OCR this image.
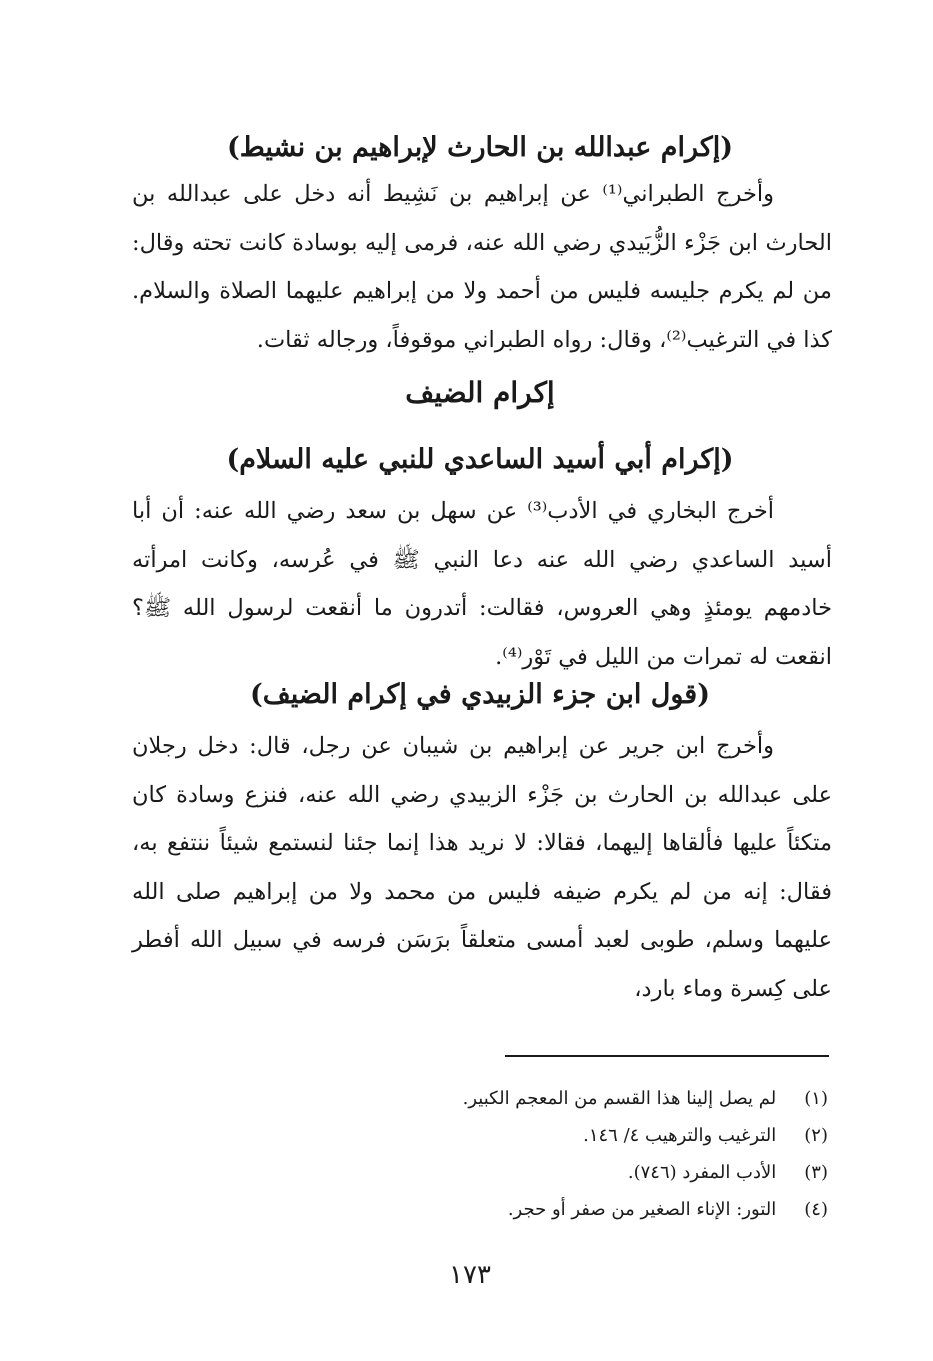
(إكرام عبدالله بن الحارث لإبراهيم بن نشيط)

وأخرج الطبراني⁽¹⁾ عن إبراهيم بن نَشِيط أنه دخل على عبدالله بن الحارث ابن جَزْء الزُّبَيدي رضي الله عنه، فرمى إليه بوسادة كانت تحته وقال: من لم يكرم جليسه فليس من أحمد ولا من إبراهيم عليهما الصلاة والسلام. كذا في الترغيب⁽²⁾، وقال: رواه الطبراني موقوفاً، ورجاله ثقات.

إكرام الضيف
(إكرام أبي أسيد الساعدي للنبي عليه السلام)

أخرج البخاري في الأدب⁽³⁾ عن سهل بن سعد رضي الله عنه: أن أبا أسيد الساعدي رضي الله عنه دعا النبي ﷺ في عُرسه، وكانت امرأته خادمهم يومئذٍ وهي العروس، فقالت: أتدرون ما أنقعت لرسول الله ﷺ؟ انقعت له تمرات من الليل في تَوْر⁽⁴⁾.

(قول ابن جزء الزبيدي في إكرام الضيف)

وأخرج ابن جرير عن إبراهيم بن شيبان عن رجل، قال: دخل رجلان على عبدالله بن الحارث بن جَزْء الزبيدي رضي الله عنه، فنزع وسادة كان متكئاً عليها فألقاها إليهما، فقالا: لا نريد هذا إنما جئنا لنستمع شيئاً ننتفع به، فقال: إنه من لم يكرم ضيفه فليس من محمد ولا من إبراهيم صلى الله عليهما وسلم، طوبى لعبد أمسى متعلقاً برَسَن فرسه في سبيل الله أفطر على كِسرة وماء بارد،

(١) لم يصل إلينا هذا القسم من المعجم الكبير.
(٢) الترغيب والترهيب ٤/ ١٤٦.
(٣) الأدب المفرد (٧٤٦).
(٤) التور: الإناء الصغير من صفر أو حجر.
١٧٣
